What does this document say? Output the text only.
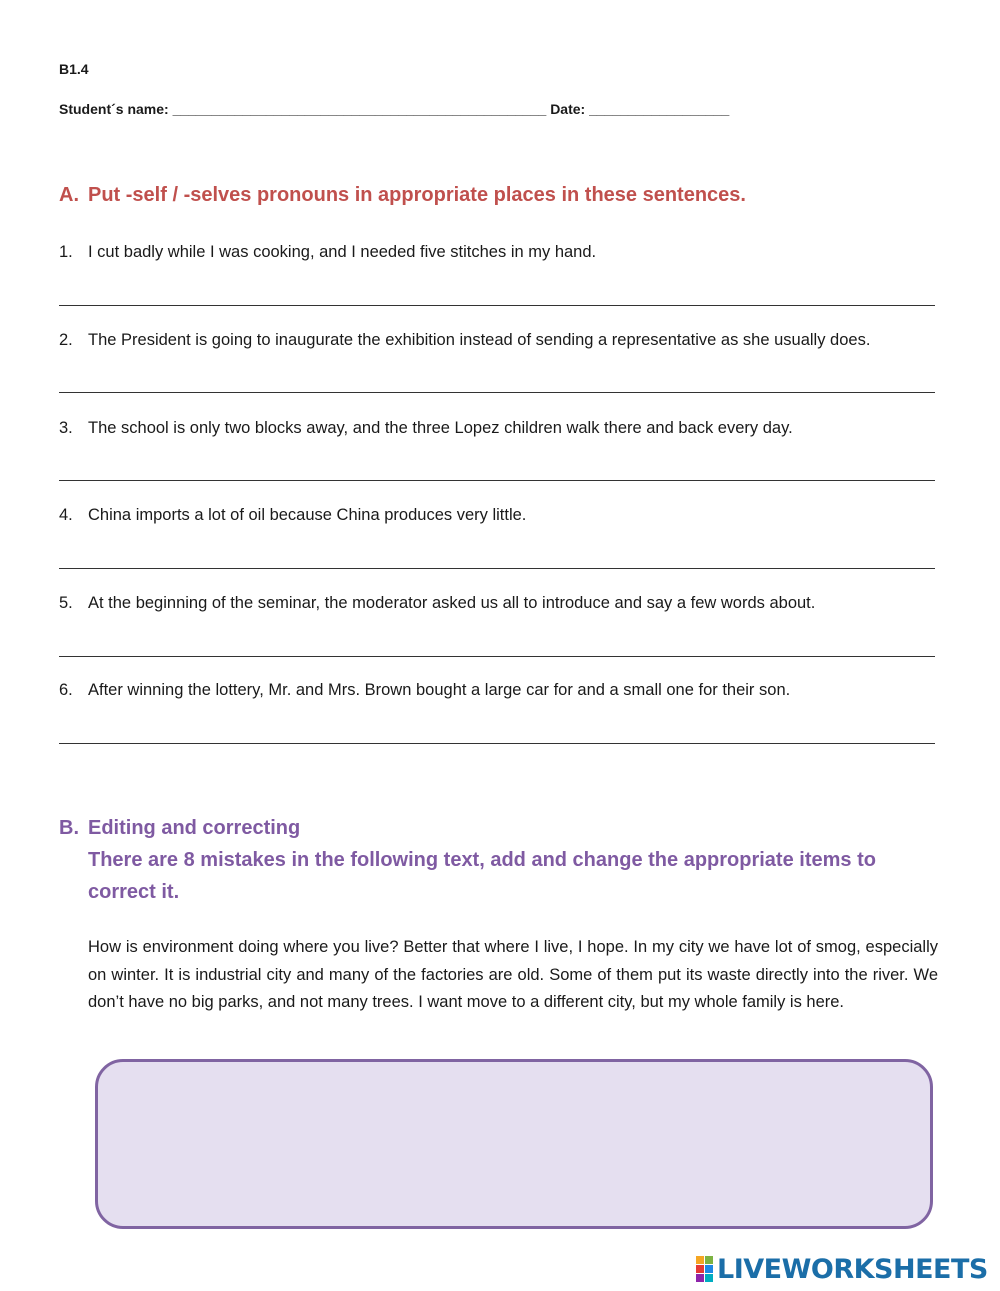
B1.4
Student´s name: ________________________________________________ Date: __________________
A. Put -self / -selves pronouns in appropriate places in these sentences.
1. I cut badly while I was cooking, and I needed five stitches in my hand.
2. The President is going to inaugurate the exhibition instead of sending a representative as she usually does.
3. The school is only two blocks away, and the three Lopez children walk there and back every day.
4. China imports a lot of oil because China produces very little.
5. At the beginning of the seminar, the moderator asked us all to introduce and say a few words about.
6. After winning the lottery, Mr. and Mrs. Brown bought a large car for and a small one for their son.
B. Editing and correcting
There are 8 mistakes in the following text, add and change the appropriate items to correct it.
How is environment doing where you live? Better that where I live, I hope. In my city we have lot of smog, especially on winter. It is industrial city and many of the factories are old. Some of them put its waste directly into the river. We don’t have no big parks, and not many trees. I want move to a different city, but my whole family is here.
LIVEWORKSHEETS
